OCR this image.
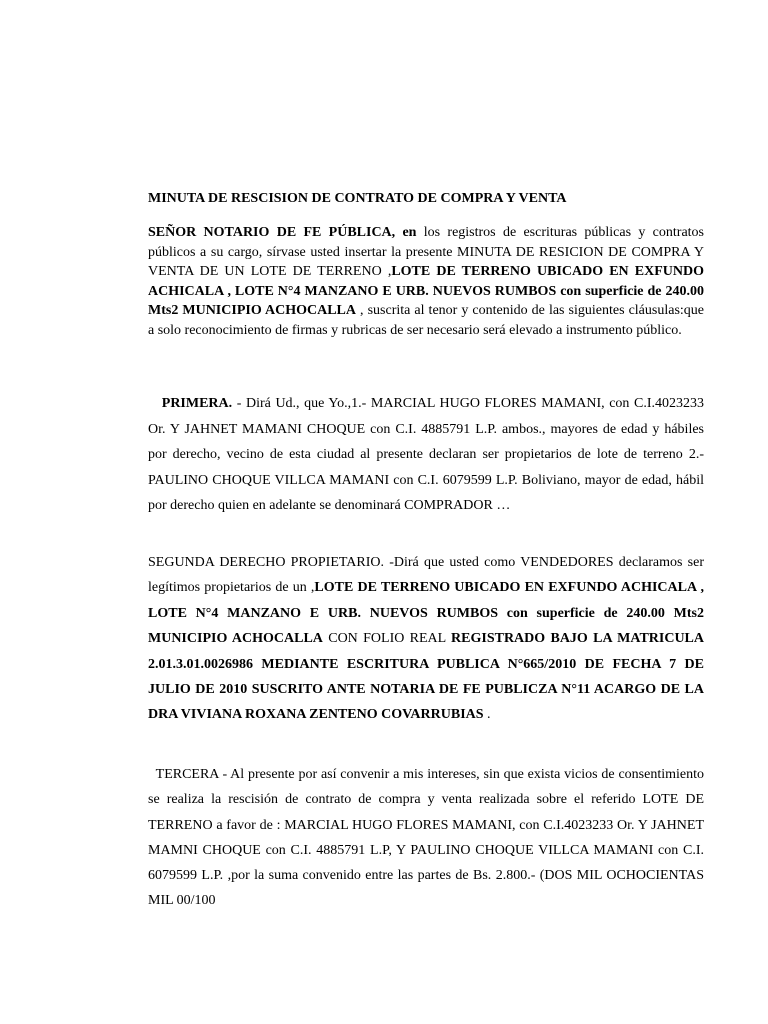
MINUTA DE RESCISION DE CONTRATO DE COMPRA Y VENTA
SEÑOR NOTARIO DE FE PÚBLICA, en los registros de escrituras públicas y contratos públicos a su cargo, sírvase usted insertar la presente MINUTA DE RESICION DE COMPRA Y VENTA DE UN LOTE DE TERRENO ,LOTE DE TERRENO UBICADO EN EXFUNDO ACHICALA , LOTE N°4 MANZANO E URB. NUEVOS RUMBOS con superficie de 240.00 Mts2 MUNICIPIO ACHOCALLA , suscrita al tenor y contenido de las siguientes cláusulas:que a solo reconocimiento de firmas y rubricas de ser necesario será elevado a instrumento público.
PRIMERA. - Dirá Ud., que Yo.,1.- MARCIAL HUGO FLORES MAMANI, con C.I.4023233 Or. Y JAHNET MAMANI CHOQUE con C.I. 4885791 L.P. ambos., mayores de edad y hábiles por derecho, vecino de esta ciudad al presente declaran ser propietarios de lote de terreno 2.- PAULINO CHOQUE VILLCA MAMANI con C.I. 6079599 L.P. Boliviano, mayor de edad, hábil por derecho quien en adelante se denominará COMPRADOR …
SEGUNDA DERECHO PROPIETARIO. -Dirá que usted como VENDEDORES declaramos ser legítimos propietarios de un ,LOTE DE TERRENO UBICADO EN EXFUNDO ACHICALA , LOTE N°4 MANZANO E URB. NUEVOS RUMBOS con superficie de 240.00 Mts2 MUNICIPIO ACHOCALLA CON FOLIO REAL REGISTRADO BAJO LA MATRICULA 2.01.3.01.0026986 MEDIANTE ESCRITURA PUBLICA N°665/2010 DE FECHA 7 DE JULIO DE 2010 SUSCRITO ANTE NOTARIA DE FE PUBLICZA N°11 ACARGO DE LA DRA VIVIANA ROXANA ZENTENO COVARRUBIAS .
TERCERA - Al presente por así convenir a mis intereses, sin que exista vicios de consentimiento se realiza la rescisión de contrato de compra y venta realizada sobre el referido LOTE DE TERRENO a favor de : MARCIAL HUGO FLORES MAMANI, con C.I.4023233 Or. Y JAHNET MAMNI CHOQUE con C.I. 4885791 L.P, Y PAULINO CHOQUE VILLCA MAMANI con C.I. 6079599 L.P. ,por la suma convenido entre las partes de Bs. 2.800.- (DOS MIL OCHOCIENTAS MIL 00/100
